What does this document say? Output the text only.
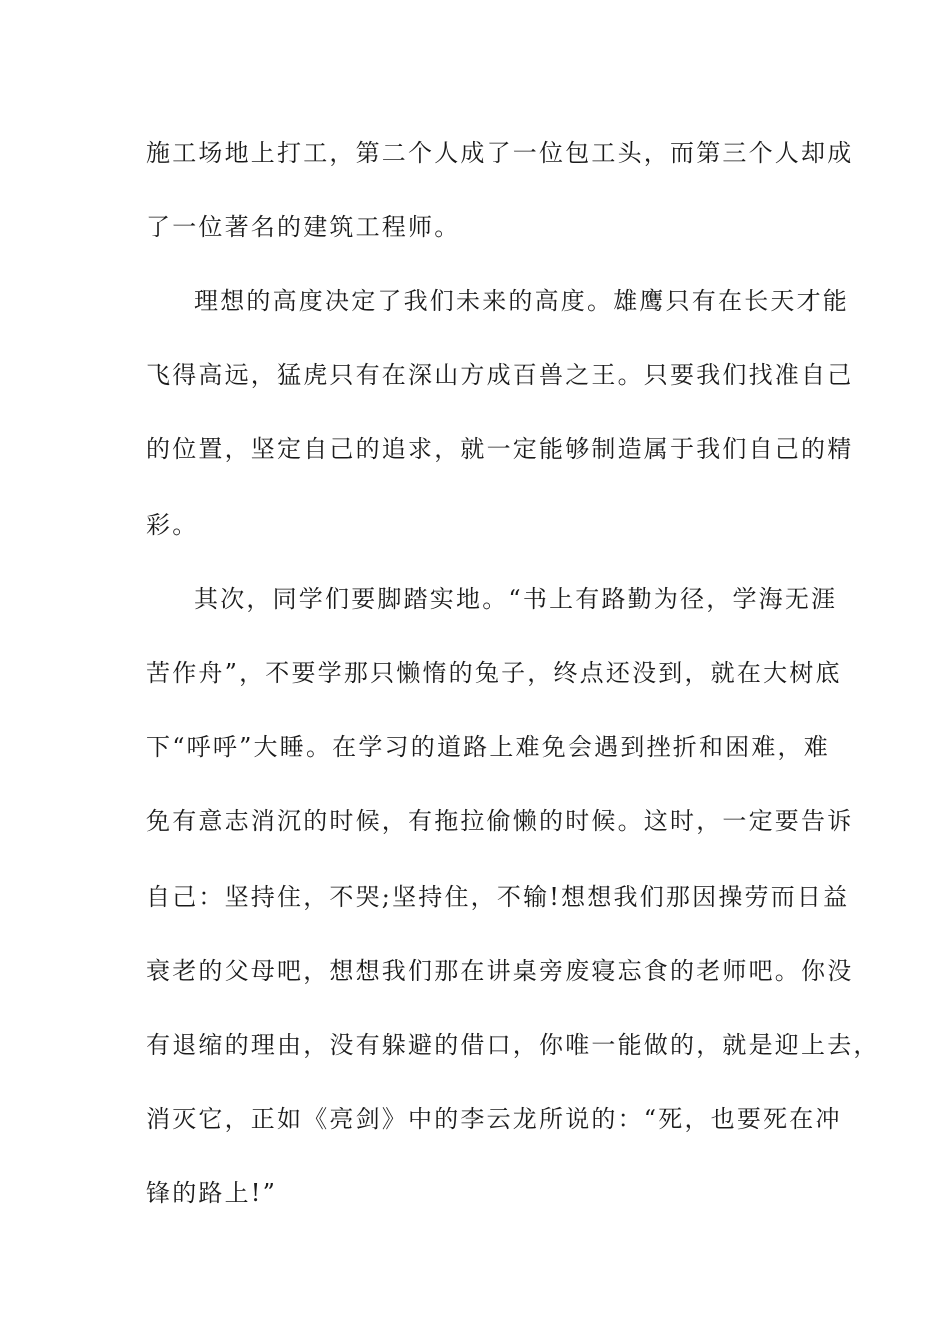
施工场地上打工，第二个人成了一位包工头，而第三个人却成
了一位著名的建筑工程师。
理想的高度决定了我们未来的高度。雄鹰只有在长天才能
飞得高远，猛虎只有在深山方成百兽之王。只要我们找准自己
的位置，坚定自己的追求，就一定能够制造属于我们自己的精
彩。
其次，同学们要脚踏实地。“书上有路勤为径，学海无涯
苦作舟”，不要学那只懒惰的兔子，终点还没到，就在大树底
下“呼呼”大睡。在学习的道路上难免会遇到挫折和困难，难
免有意志消沉的时候，有拖拉偷懒的时候。这时，一定要告诉
自己：坚持住，不哭;坚持住，不输!想想我们那因操劳而日益
衰老的父母吧，想想我们那在讲桌旁废寝忘食的老师吧。你没
有退缩的理由，没有躲避的借口，你唯一能做的，就是迎上去，
消灭它，正如《亮剑》中的李云龙所说的：“死，也要死在冲
锋的路上!”
